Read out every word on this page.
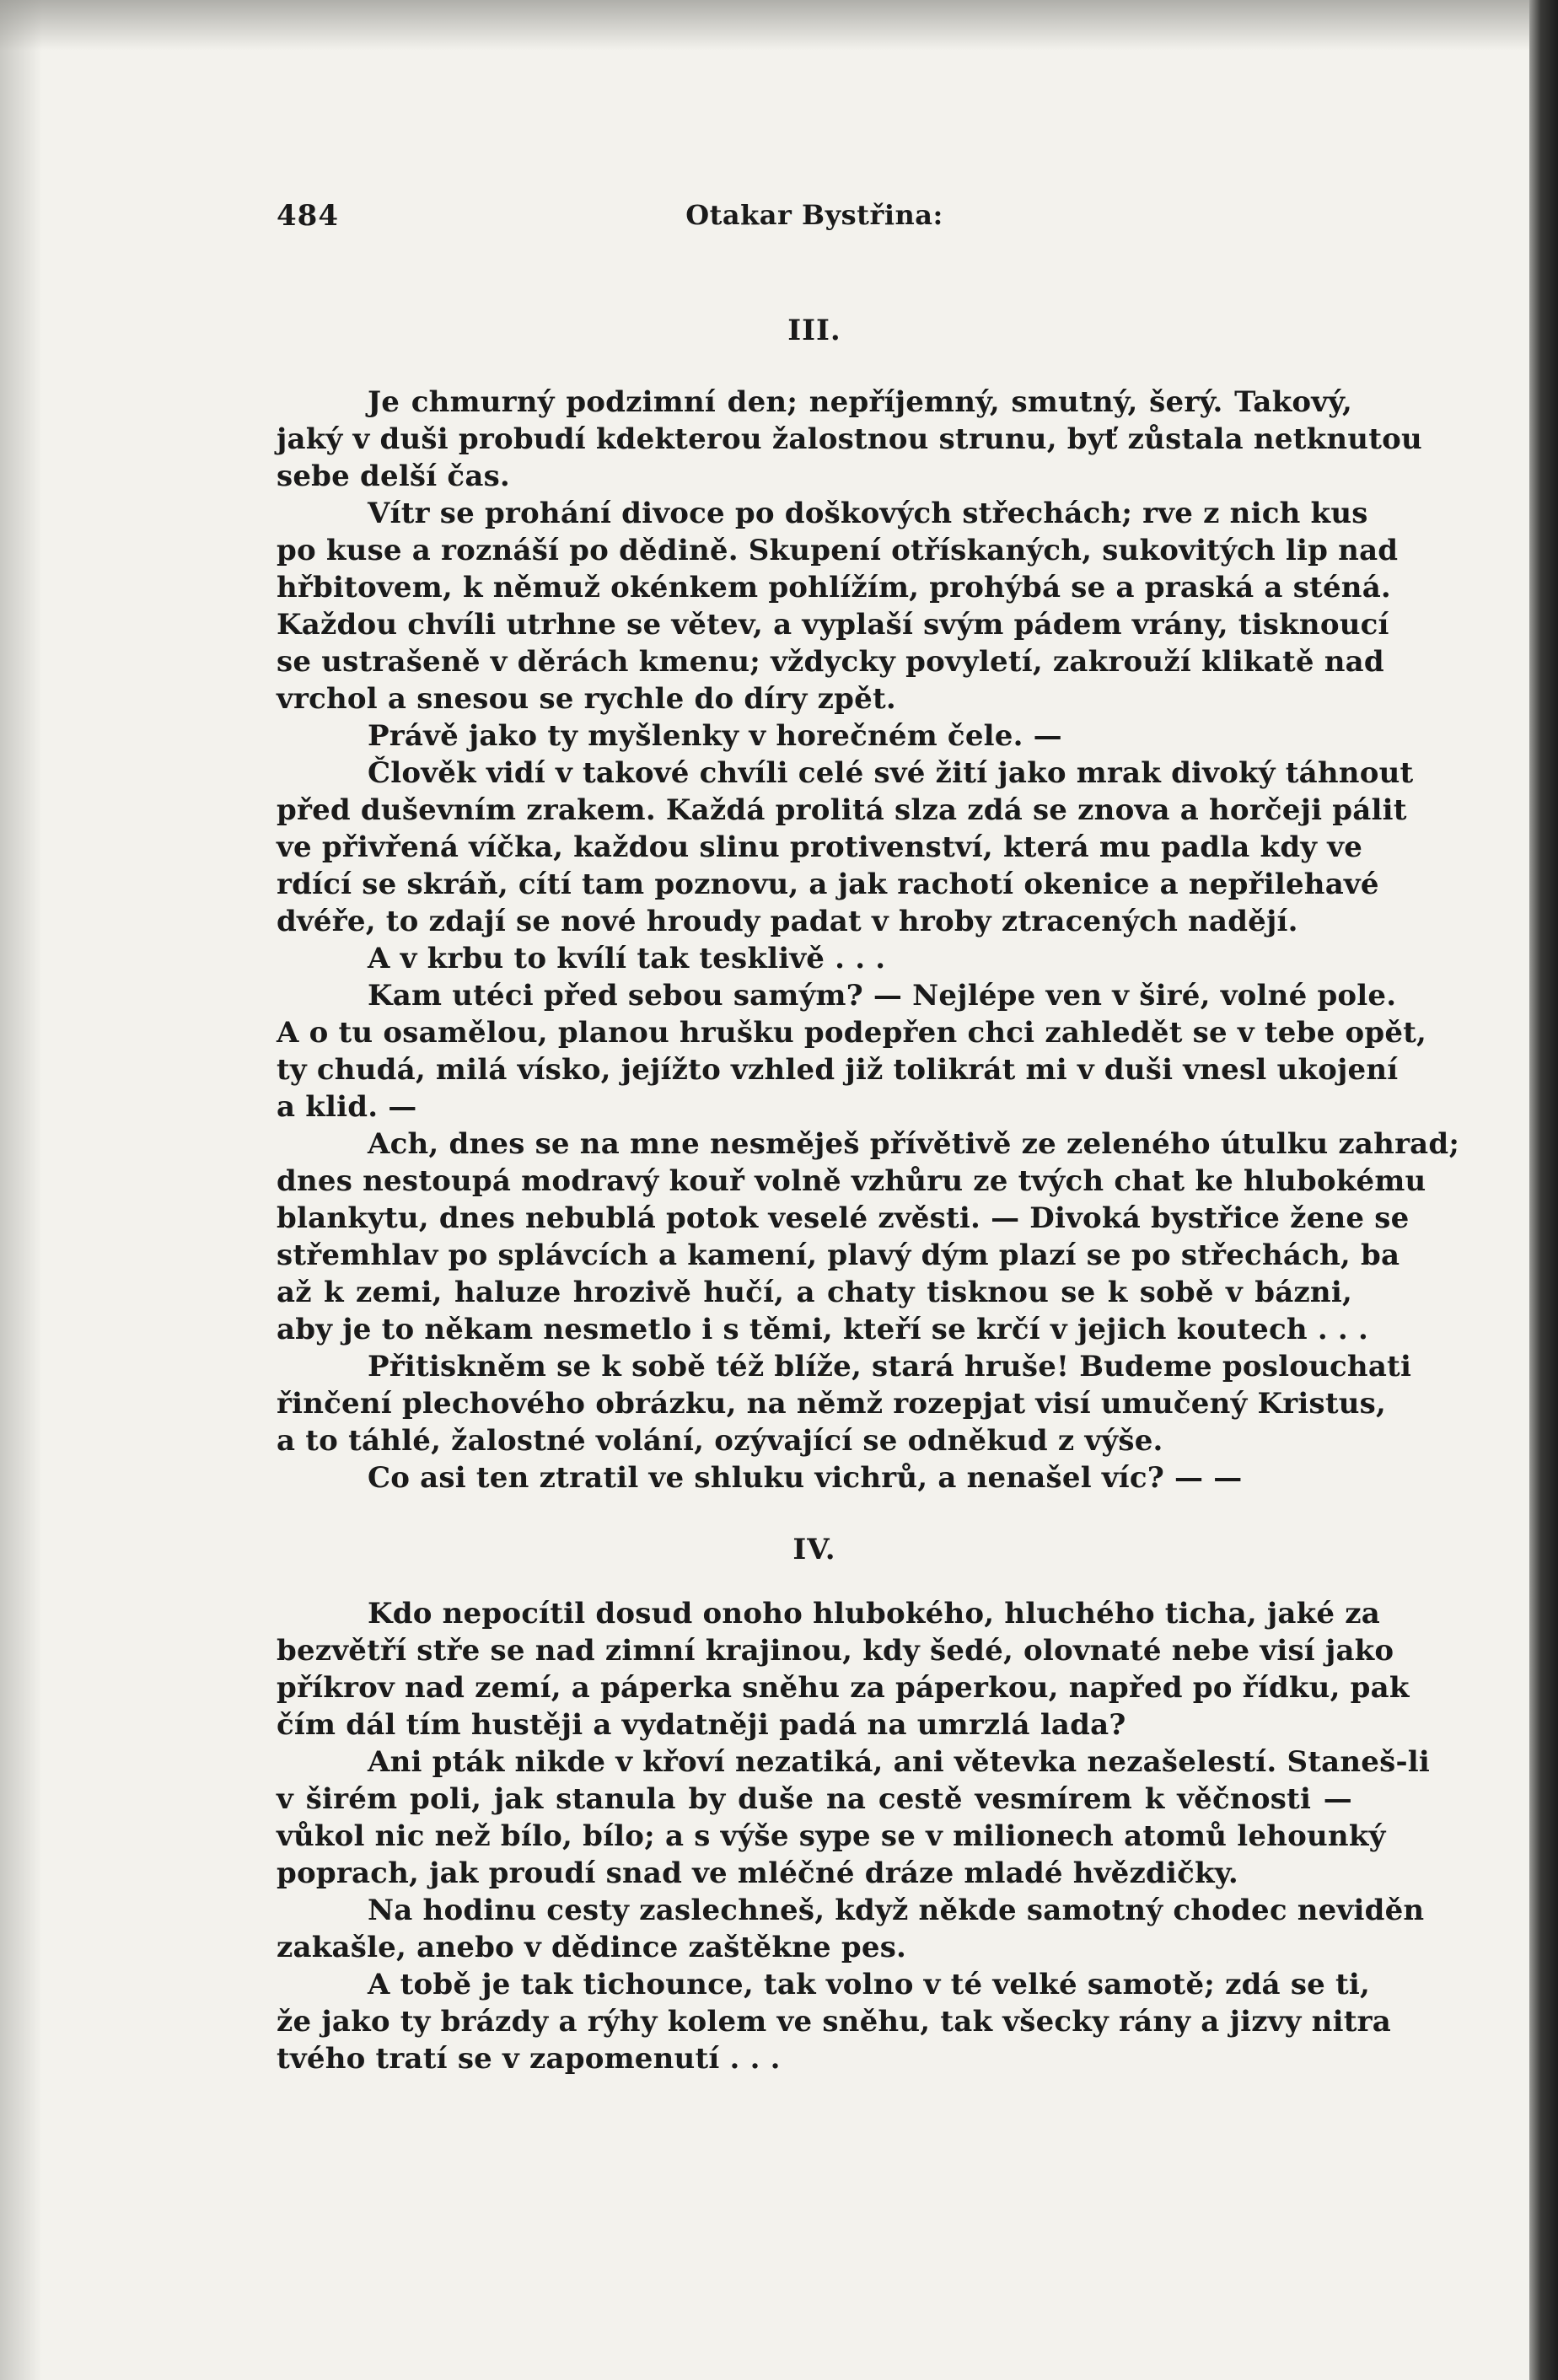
Otakar Bystřina:
484
III.
Je chmurný podzimní den; nepříjemný, smutný, šerý. Takový,
jaký v duši probudí kdekterou žalostnou strunu, byť zůstala netknutou
sebe delší čas.
Vítr se prohání divoce po doškových střechách; rve z nich kus
po kuse a roznáší po dědině. Skupení otřískaných, sukovitých lip nad
hřbitovem, k němuž okénkem pohlížím, prohýbá se a praská a sténá.
Každou chvíli utrhne se větev, a vyplaší svým pádem vrány, tisknoucí
se ustrašeně v děrách kmenu; vždycky povyletí, zakrouží klikatě nad
vrchol a snesou se rychle do díry zpět.
Právě jako ty myšlenky v horečném čele. —
Člověk vidí v takové chvíli celé své žití jako mrak divoký táhnout
před duševním zrakem. Každá prolitá slza zdá se znova a horčeji pálit
ve přivřená víčka, každou slinu protivenství, která mu padla kdy ve
rdící se skráň, cítí tam poznovu, a jak rachotí okenice a nepřilehavé
dvéře, to zdají se nové hroudy padat v hroby ztracených nadějí.
A v krbu to kvílí tak tesklivě . . .
Kam utéci před sebou samým? — Nejlépe ven v širé, volné pole.
A o tu osamělou, planou hrušku podepřen chci zahledět se v tebe opět,
ty chudá, milá vísko, jejížto vzhled již tolikrát mi v duši vnesl ukojení
a klid. —
Ach, dnes se na mne nesměješ přívětivě ze zeleného útulku zahrad;
dnes nestoupá modravý kouř volně vzhůru ze tvých chat ke hlubokému
blankytu, dnes nebublá potok veselé zvěsti. — Divoká bystřice žene se
střemhlav po splávcích a kamení, plavý dým plazí se po střechách, ba
až k zemi, haluze hrozivě hučí, a chaty tisknou se k sobě v bázni,
aby je to někam nesmetlo i s těmi, kteří se krčí v jejich koutech . . .
Přitiskněm se k sobě též blíže, stará hruše! Budeme poslouchati
řinčení plechového obrázku, na němž rozepjat visí umučený Kristus,
a to táhlé, žalostné volání, ozývající se odněkud z výše.
Co asi ten ztratil ve shluku vichrů, a nenašel víc? — —
IV.
Kdo nepocítil dosud onoho hlubokého, hluchého ticha, jaké za
bezvětří stře se nad zimní krajinou, kdy šedé, olovnaté nebe visí jako
příkrov nad zemí, a páperka sněhu za páperkou, napřed po řídku, pak
čím dál tím hustěji a vydatněji padá na umrzlá lada?
Ani pták nikde v křoví nezatiká, ani větevka nezašelestí. Staneš-li
v širém poli, jak stanula by duše na cestě vesmírem k věčnosti —
vůkol nic než bílo, bílo; a s výše sype se v milionech atomů lehounký
poprach, jak proudí snad ve mléčné dráze mladé hvězdičky.
Na hodinu cesty zaslechneš, když někde samotný chodec neviděn
zakašle, anebo v dědince zaštěkne pes.
A tobě je tak tichounce, tak volno v té velké samotě; zdá se ti,
že jako ty brázdy a rýhy kolem ve sněhu, tak všecky rány a jizvy nitra
tvého tratí se v zapomenutí . . .
